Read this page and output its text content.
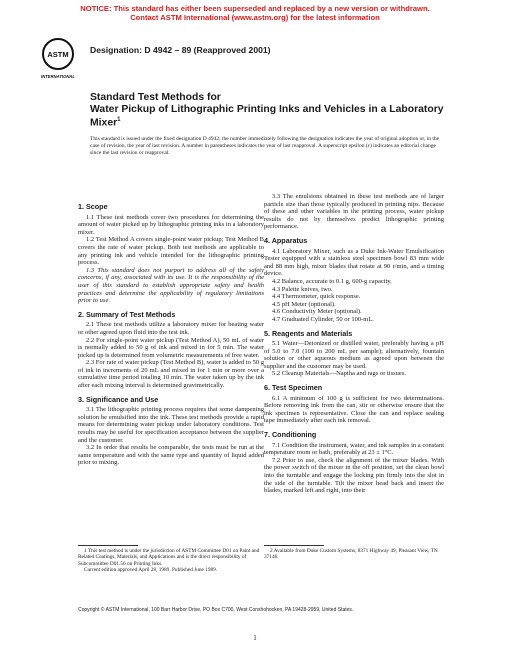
NOTICE: This standard has either been superseded and replaced by a new version or withdrawn.
Contact ASTM International (www.astm.org) for the latest information
ASTM
INTERNATIONAL
Designation: D 4942 – 89 (Reapproved 2001)
Standard Test Methods for
Water Pickup of Lithographic Printing Inks and Vehicles in a Laboratory Mixer$^1$
This standard is issued under the fixed designation D 4942; the number immediately following the designation indicates the year of original adoption or, in the case of revision, the year of last revision. A number in parentheses indicates the year of last reapproval. A superscript epsilon (ε) indicates an editorial change since the last revision or reapproval.
1. Scope

1.1 These test methods cover two procedures for determining the amount of water picked up by lithographic printing inks in a laboratory mixer.

1.2 Test Method A covers single-point water pickup; Test Method B covers the rate of water pickup. Both test methods are applicable to any printing ink and vehicle intended for the lithographic printing process.

1.3 This standard does not purport to address all of the safety concerns, if any, associated with its use. It is the responsibility of the user of this standard to establish appropriate safety and health practices and determine the applicability of regulatory limitations prior to use.

2. Summary of Test Methods

2.1 These test methods utilize a laboratory mixer for beating water or other agreed upon fluid into the test ink.

2.2 For single-point water pickup (Test Method A), 50 mL of water is normally added to 50 g of ink and mixed in for 5 min. The water picked up is determined from volumetric measurements of free water.

2.3 For rate of water pickup (Test Method B), water is added to 50 g of ink in increments of 20 mL and mixed in for 1 min or more over a cumulative time period totaling 10 min. The water taken up by the ink after each mixing interval is determined gravimetrically.

3. Significance and Use

3.1 The lithographic printing process requires that some dampening solution be emulsified into the ink. These test methods provide a rapid means for determining water pickup under laboratory conditions. Test results may be useful for specification acceptance between the supplier and the customer.

3.2 In order that results be comparable, the tests must be run at the same temperature and with the same type and quantity of liquid added prior to mixing.

3.3 The emulsions obtained in these test methods are of larger particle size than those typically produced in printing nips. Because of these and other variables in the printing process, water pickup results do not by themselves predict lithographic printing performance.

4. Apparatus

4.1 Laboratory Mixer, such as a Duke Ink-Water Emulsification Tester equipped with a stainless steel specimen bowl 83 mm wide and 88 mm high, mixer blades that rotate at 90 r/min, and a timing device.

4.2 Balance, accurate to 0.1 g, 600-g capacity.

4.3 Palette knives, two.

4.4 Thermometer, quick response.

4.5 pH Meter (optional).

4.6 Conductivity Meter (optional).

4.7 Graduated Cylinder, 50 or 100-mL.

5. Reagents and Materials

5.1 Water—Deionized or distilled water, preferably having a pH of 5.0 to 7.0 (100 to 200 mL per sample); alternatively, fountain solution or other aqueous medium as agreed upon between the supplier and the customer may be used.

5.2 Cleanup Materials—Naptha and rags or tissues.

6. Test Specimen

6.1 A minimum of 100 g is sufficient for two determinations. Before removing ink from the can, stir or otherwise ensure that the ink specimen is representative. Close the can and replace sealing tape immediately after each ink removal.

7. Conditioning

7.1 Condition the instrument, water, and ink samples in a constant temperature room or bath, preferably at 23 ± 1°C.

7.2 Prior to use, check the alignment of the mixer blades. With the power switch of the mixer in the off position, set the clean bowl into the turntable and engage the locking pin firmly into the slot in the side of the turntable. Tilt the mixer head back and insert the blades, marked left and right, into their

1 This test method is under the jurisdiction of ASTM Committee D01 on Paint and Related Coatings, Materials, and Applications and is the direct responsibility of Subcommittee D01.56 on Printing Inks.

Current edition approved April 28, 1989. Published June 1989.

2 Available from Duke Custom Systems, 8371 Highway 49, Pleasant View, TN 37146.

Copyright © ASTM International, 100 Barr Harbor Drive, PO Box C700, West Conshohocken, PA 19428-2959, United States.
1
